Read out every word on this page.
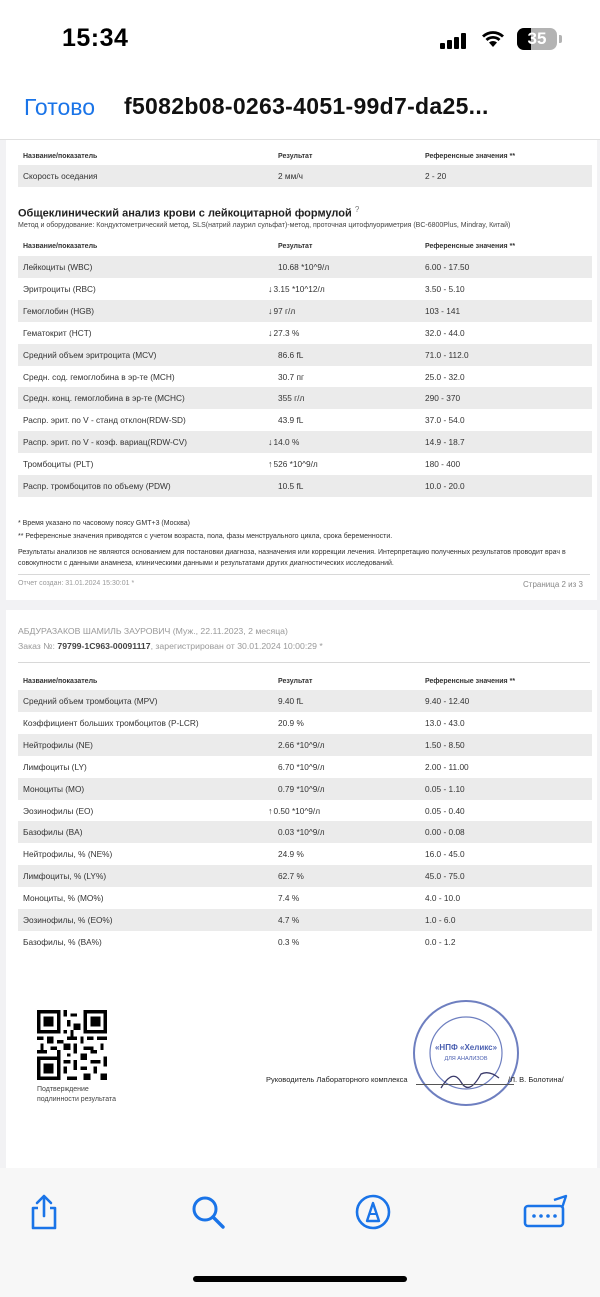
15:34	35
Готово f5082b08-0263-4051-99d7-da25...
Название/показатель	Результат	Референсные значения **
Скорость оседания	2 мм/ч	2 - 20
Общеклинический анализ крови с лейкоцитарной формулой ?
Метод и оборудование: Кондуктометрический метод, SLS(натрий лаурил сульфат)-метод, проточная цитофлуориметрия (BC-6800Plus, Mindray, Китай)
Название/показатель	Результат	Референсные значения **
* Время указано по часовому поясу GMT+3 (Москва)
** Референсные значения приводятся с учетом возраста, пола, фазы менструального цикла, срока беременности.
Результаты анализов не являются основанием для постановки диагноза, назначения или коррекции лечения. Интерпретацию полученных результатов проводит врач в совокупности с данными анамнеза, клиническими данными и результатами других диагностических исследований.
Отчет создан: 31.01.2024 15:30:01 *	Страница 2 из 3
Лейкоциты (WBC)	10.68 *10^9/л	6.00 - 17.50
Эритроциты (RBC)	↓3.15 *10^12/л	3.50 - 5.10
Гемоглобин (HGB)	↓97 г/л	103 - 141
Гематокрит (HCT)	↓27.3 %	32.0 - 44.0
Средний объем эритроцита (MCV)	86.6 fL	71.0 - 112.0
Средн. сод. гемоглобина в эр-те (MCH)	30.7 пг	25.0 - 32.0
Средн. конц. гемоглобина в эр-те (MCHC)	355 г/л	290 - 370
Распр. эрит. по V - станд отклон(RDW-SD)	43.9 fL	37.0 - 54.0
Распр. эрит. по V - коэф. вариац(RDW-CV)	↓14.0 %	14.9 - 18.7
Тромбоциты (PLT)	↑526 *10^9/л	180 - 400
Распр. тромбоцитов по объему (PDW)	10.5 fL	10.0 - 20.0
АБДУРАЗАКОВ ШАМИЛЬ ЗАУРОВИЧ (Муж., 22.11.2023, 2 месяца)
Заказ №: 79799-1C963-00091117, зарегистрирован от 30.01.2024 10:00:29 *
Название/показатель	Результат	Референсные значения **
Подтверждение
подлинности результата
«НПФ «Хеликс»
ДЛЯ АНАЛИЗОВ
Руководитель Лабораторного комплекса	/Л. В. Болотина/
Средний объем тромбоцита (MPV)	9.40 fL	9.40 - 12.40
Коэффициент больших тромбоцитов (P-LCR)	20.9 %	13.0 - 43.0
Нейтрофилы (NE)	2.66 *10^9/л	1.50 - 8.50
Лимфоциты (LY)	6.70 *10^9/л	2.00 - 11.00
Моноциты (MO)	0.79 *10^9/л	0.05 - 1.10
Эозинофилы (EO)	↑0.50 *10^9/л	0.05 - 0.40
Базофилы (BA)	0.03 *10^9/л	0.00 - 0.08
Нейтрофилы, % (NE%)	24.9 %	16.0 - 45.0
Лимфоциты, % (LY%)	62.7 %	45.0 - 75.0
Моноциты, % (MO%)	7.4 %	4.0 - 10.0
Эозинофилы, % (EO%)	4.7 %	1.0 - 6.0
Базофилы, % (BA%)	0.3 %	0.0 - 1.2
